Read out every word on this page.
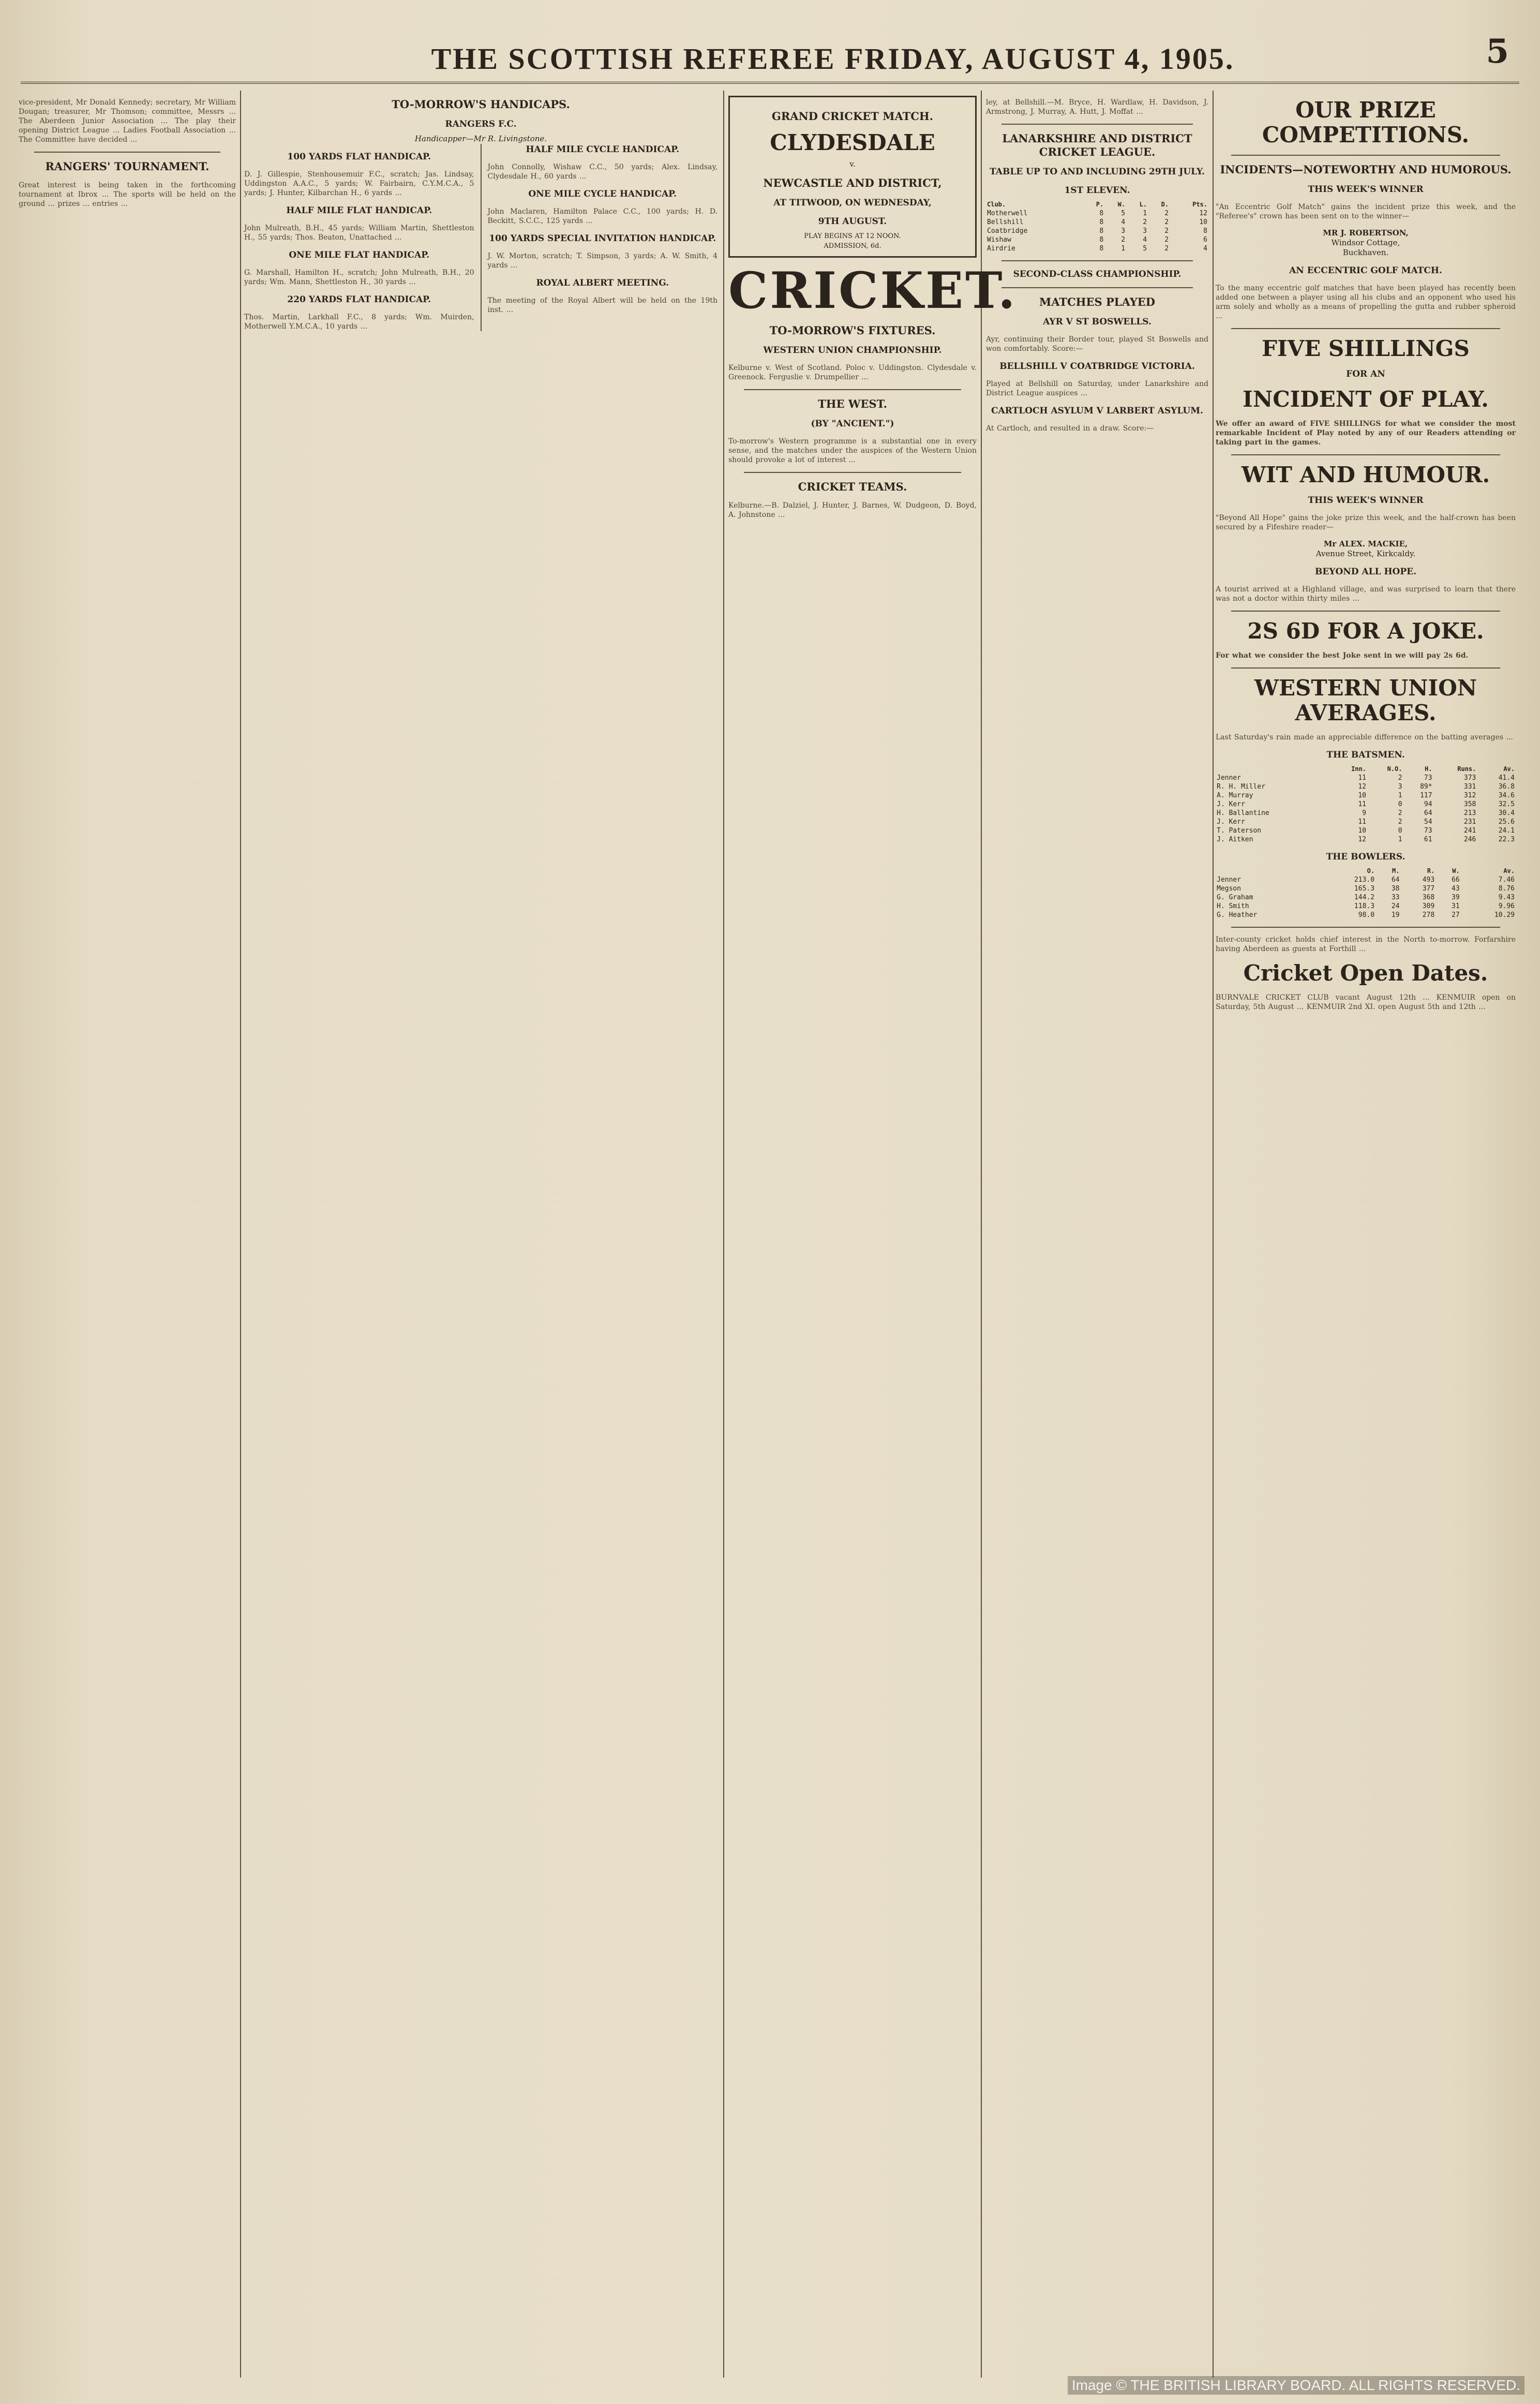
THE SCOTTISH REFEREE FRIDAY, AUGUST 4, 1905.	5

vice-president, Mr Donald Kennedy; secretary, Mr William Dougan; treasurer, Mr Thomson; committee, Messrs ... The Aberdeen Junior Association ... The play their opening District League ... Ladies Football Association ... The Committee have decided ...

RANGERS' TOURNAMENT.

Great interest is being taken in the forthcoming tournament at Ibrox ... The sports will be held on the ground ... prizes ... entries ...

TO-MORROW'S HANDICAPS.
RANGERS F.C.
Handicapper—Mr R. Livingstone.
100 YARDS FLAT HANDICAP.

D. J. Gillespie, Stenhousemuir F.C., scratch; Jas. Lindsay, Uddingston A.A.C., 5 yards; W. Fairbairn, C.Y.M.C.A., 5 yards; J. Hunter, Kilbarchan H., 6 yards ...

HALF MILE FLAT HANDICAP.

John Mulreath, B.H., 45 yards; William Martin, Shettleston H., 55 yards; Thos. Beaton, Unattached ...

ONE MILE FLAT HANDICAP.

G. Marshall, Hamilton H., scratch; John Mulreath, B.H., 20 yards; Wm. Mann, Shettleston H., 30 yards ...

220 YARDS FLAT HANDICAP.

Thos. Martin, Larkhall F.C., 8 yards; Wm. Muirden, Motherwell Y.M.C.A., 10 yards ...

HALF MILE CYCLE HANDICAP.

John Connolly, Wishaw C.C., 50 yards; Alex. Lindsay, Clydesdale H., 60 yards ...

ONE MILE CYCLE HANDICAP.

John Maclaren, Hamilton Palace C.C., 100 yards; H. D. Beckitt, S.C.C., 125 yards ...

100 YARDS SPECIAL INVITATION HANDICAP.

J. W. Morton, scratch; T. Simpson, 3 yards; A. W. Smith, 4 yards ...

ROYAL ALBERT MEETING.

The meeting of the Royal Albert will be held on the 19th inst. ...

GRAND CRICKET MATCH.
CLYDESDALE
v.
NEWCASTLE AND DISTRICT,
AT TITWOOD, ON WEDNESDAY,
9TH AUGUST.
PLAY BEGINS AT 12 NOON.
ADMISSION, 6d.
CRICKET.
TO-MORROW'S FIXTURES.
WESTERN UNION CHAMPIONSHIP.

Kelburne v. West of Scotland. Poloc v. Uddingston. Clydesdale v. Greenock. Ferguslie v. Drumpellier ...

THE WEST.
(BY "ANCIENT.")

To-morrow's Western programme is a substantial one in every sense, and the matches under the auspices of the Western Union should provoke a lot of interest ...

CRICKET TEAMS.

Kelburne.—B. Dalziel, J. Hunter, J. Barnes, W. Dudgeon, D. Boyd, A. Johnstone ...

ley, at Bellshill.—M. Bryce, H. Wardlaw, H. Davidson, J. Armstrong, J. Murray, A. Hutt, J. Moffat ...

LANARKSHIRE AND DISTRICT CRICKET LEAGUE.
TABLE UP TO AND INCLUDING 29TH JULY.
1ST ELEVEN.
Club.	P.	W.	L.	D.	Pts.
Motherwell	8	5	1	2	12
Bellshill	8	4	2	2	10
Coatbridge	8	3	3	2	8
Wishaw	8	2	4	2	6
Airdrie	8	1	5	2	4
SECOND-CLASS CHAMPIONSHIP.
MATCHES PLAYED
AYR V ST BOSWELLS.

Ayr, continuing their Border tour, played St Boswells and won comfortably. Score:—

BELLSHILL V COATBRIDGE VICTORIA.

Played at Bellshill on Saturday, under Lanarkshire and District League auspices ...

CARTLOCH ASYLUM V LARBERT ASYLUM.

At Cartloch, and resulted in a draw. Score:—

OUR PRIZE COMPETITIONS.
INCIDENTS—NOTEWORTHY AND HUMOROUS.
THIS WEEK'S WINNER

"An Eccentric Golf Match" gains the incident prize this week, and the "Referee's" crown has been sent on to the winner—

MR J. ROBERTSON,
Windsor Cottage,
Buckhaven.
AN ECCENTRIC GOLF MATCH.

To the many eccentric golf matches that have been played has recently been added one between a player using all his clubs and an opponent who used his arm solely and wholly as a means of propelling the gutta and rubber spheroid ...

FIVE SHILLINGS
FOR AN
INCIDENT OF PLAY.

We offer an award of FIVE SHILLINGS for what we consider the most remarkable Incident of Play noted by any of our Readers attending or taking part in the games.

WIT AND HUMOUR.
THIS WEEK'S WINNER

"Beyond All Hope" gains the joke prize this week, and the half-crown has been secured by a Fifeshire reader—

Mr ALEX. MACKIE,
Avenue Street, Kirkcaldy.
BEYOND ALL HOPE.

A tourist arrived at a Highland village, and was surprised to learn that there was not a doctor within thirty miles ...

2S 6D FOR A JOKE.

For what we consider the best Joke sent in we will pay 2s 6d.

WESTERN UNION AVERAGES.

Last Saturday's rain made an appreciable difference on the batting averages ...

THE BATSMEN.
	Inn.	N.O.	H.	Runs.	Av.
Jenner	11	2	73	373	41.4
R. H. Miller	12	3	89*	331	36.8
A. Murray	10	1	117	312	34.6
J. Kerr	11	0	94	358	32.5
H. Ballantine	9	2	64	213	30.4
J. Kerr	11	2	54	231	25.6
T. Paterson	10	0	73	241	24.1
J. Aitken	12	1	61	246	22.3
THE BOWLERS.
	O.	M.	R.	W.	Av.
Jenner	213.0	64	493	66	7.46
Megson	165.3	38	377	43	8.76
G. Graham	144.2	33	368	39	9.43
H. Smith	118.3	24	309	31	9.96
G. Heather	98.0	19	278	27	10.29

Inter-county cricket holds chief interest in the North to-morrow. Forfarshire having Aberdeen as guests at Forthill ...

Cricket Open Dates.

BURNVALE CRICKET CLUB vacant August 12th ... KENMUIR open on Saturday, 5th August ... KENMUIR 2nd XI. open August 5th and 12th ...

Image © THE BRITISH LIBRARY BOARD. ALL RIGHTS RESERVED.
